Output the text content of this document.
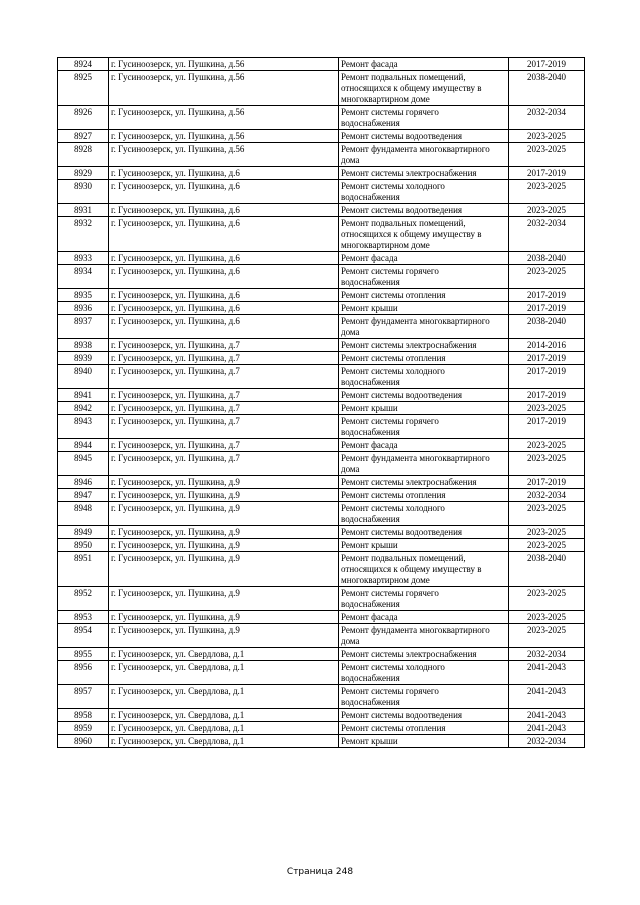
8924	г. Гусиноозерск, ул. Пушкина, д.56	Ремонт фасада	2017-2019
8925	г. Гусиноозерск, ул. Пушкина, д.56	Ремонт подвальных помещений,
относящихся к общему имуществу в
многоквартирном доме	2038-2040
8926	г. Гусиноозерск, ул. Пушкина, д.56	Ремонт системы горячего
водоснабжения	2032-2034
8927	г. Гусиноозерск, ул. Пушкина, д.56	Ремонт системы водоотведения	2023-2025
8928	г. Гусиноозерск, ул. Пушкина, д.56	Ремонт фундамента многоквартирного
дома	2023-2025
8929	г. Гусиноозерск, ул. Пушкина, д.6	Ремонт системы электроснабжения	2017-2019
8930	г. Гусиноозерск, ул. Пушкина, д.6	Ремонт системы холодного
водоснабжения	2023-2025
8931	г. Гусиноозерск, ул. Пушкина, д.6	Ремонт системы водоотведения	2023-2025
8932	г. Гусиноозерск, ул. Пушкина, д.6	Ремонт подвальных помещений,
относящихся к общему имуществу в
многоквартирном доме	2032-2034
8933	г. Гусиноозерск, ул. Пушкина, д.6	Ремонт фасада	2038-2040
8934	г. Гусиноозерск, ул. Пушкина, д.6	Ремонт системы горячего
водоснабжения	2023-2025
8935	г. Гусиноозерск, ул. Пушкина, д.6	Ремонт системы отопления	2017-2019
8936	г. Гусиноозерск, ул. Пушкина, д.6	Ремонт крыши	2017-2019
8937	г. Гусиноозерск, ул. Пушкина, д.6	Ремонт фундамента многоквартирного
дома	2038-2040
8938	г. Гусиноозерск, ул. Пушкина, д.7	Ремонт системы электроснабжения	2014-2016
8939	г. Гусиноозерск, ул. Пушкина, д.7	Ремонт системы отопления	2017-2019
8940	г. Гусиноозерск, ул. Пушкина, д.7	Ремонт системы холодного
водоснабжения	2017-2019
8941	г. Гусиноозерск, ул. Пушкина, д.7	Ремонт системы водоотведения	2017-2019
8942	г. Гусиноозерск, ул. Пушкина, д.7	Ремонт крыши	2023-2025
8943	г. Гусиноозерск, ул. Пушкина, д.7	Ремонт системы горячего
водоснабжения	2017-2019
8944	г. Гусиноозерск, ул. Пушкина, д.7	Ремонт фасада	2023-2025
8945	г. Гусиноозерск, ул. Пушкина, д.7	Ремонт фундамента многоквартирного
дома	2023-2025
8946	г. Гусиноозерск, ул. Пушкина, д.9	Ремонт системы электроснабжения	2017-2019
8947	г. Гусиноозерск, ул. Пушкина, д.9	Ремонт системы отопления	2032-2034
8948	г. Гусиноозерск, ул. Пушкина, д.9	Ремонт системы холодного
водоснабжения	2023-2025
8949	г. Гусиноозерск, ул. Пушкина, д.9	Ремонт системы водоотведения	2023-2025
8950	г. Гусиноозерск, ул. Пушкина, д.9	Ремонт крыши	2023-2025
8951	г. Гусиноозерск, ул. Пушкина, д.9	Ремонт подвальных помещений,
относящихся к общему имуществу в
многоквартирном доме	2038-2040
8952	г. Гусиноозерск, ул. Пушкина, д.9	Ремонт системы горячего
водоснабжения	2023-2025
8953	г. Гусиноозерск, ул. Пушкина, д.9	Ремонт фасада	2023-2025
8954	г. Гусиноозерск, ул. Пушкина, д.9	Ремонт фундамента многоквартирного
дома	2023-2025
8955	г. Гусиноозерск, ул. Свердлова, д.1	Ремонт системы электроснабжения	2032-2034
8956	г. Гусиноозерск, ул. Свердлова, д.1	Ремонт системы холодного
водоснабжения	2041-2043
8957	г. Гусиноозерск, ул. Свердлова, д.1	Ремонт системы горячего
водоснабжения	2041-2043
8958	г. Гусиноозерск, ул. Свердлова, д.1	Ремонт системы водоотведения	2041-2043
8959	г. Гусиноозерск, ул. Свердлова, д.1	Ремонт системы отопления	2041-2043
8960	г. Гусиноозерск, ул. Свердлова, д.1	Ремонт крыши	2032-2034
Страница 248
